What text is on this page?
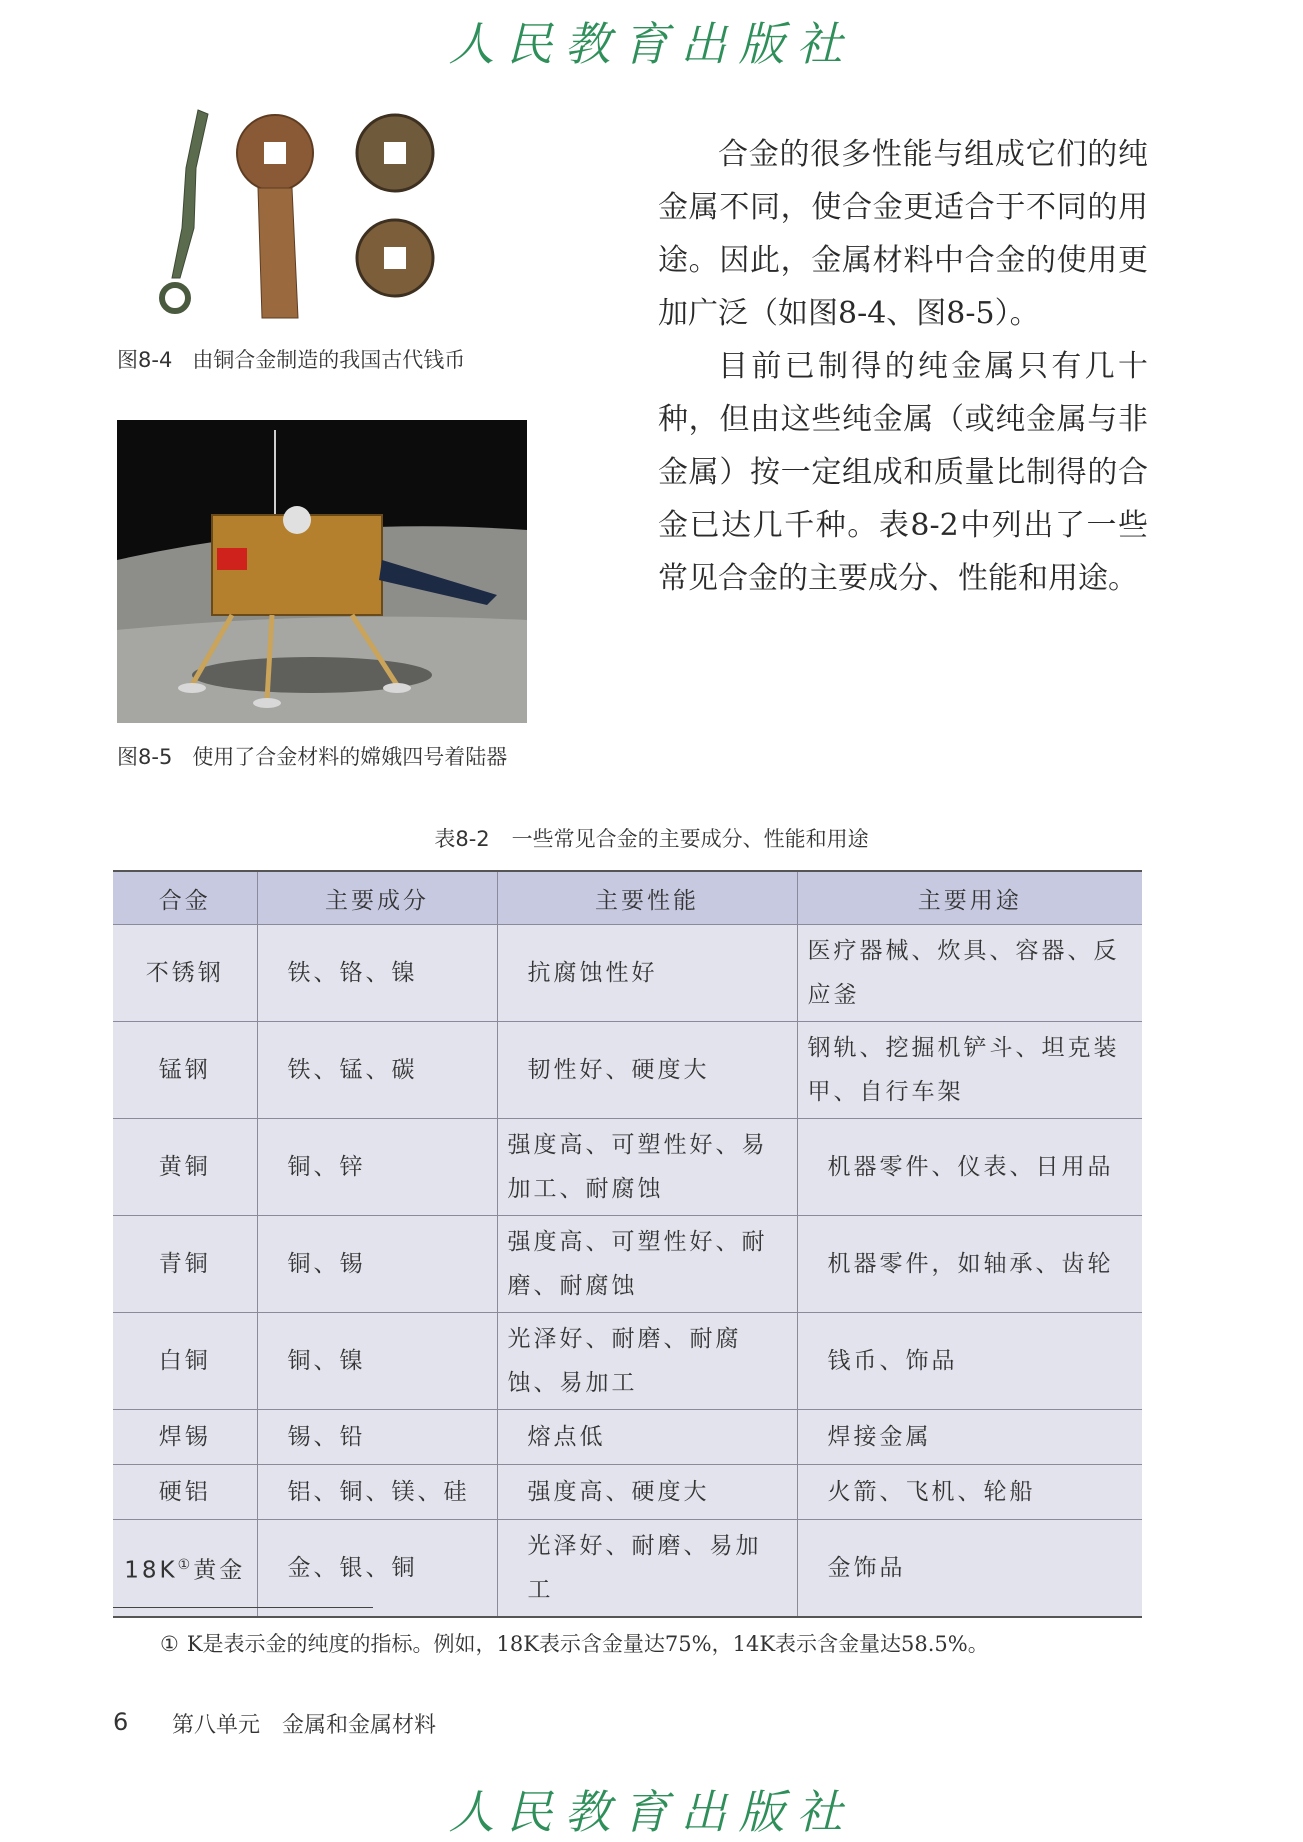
人民教育出版社
图8-4 由铜合金制造的我国古代钱币
图8-5 使用了合金材料的嫦娥四号着陆器

合金的很多性能与组成它们的纯金属不同，使合金更适合于不同的用途。因此，金属材料中合金的使用更加广泛（如图8-4、图8-5）。

目前已制得的纯金属只有几十种，但由这些纯金属（或纯金属与非金属）按一定组成和质量比制得的合金已达几千种。表8-2中列出了一些常见合金的主要成分、性能和用途。

表8-2 一些常见合金的主要成分、性能和用途
合金	主要成分	主要性能	主要用途
不锈钢	铁、铬、镍	抗腐蚀性好	医疗器械、炊具、容器、反应釜
锰钢	铁、锰、碳	韧性好、硬度大	钢轨、挖掘机铲斗、坦克装甲、自行车架
黄铜	铜、锌	强度高、可塑性好、易加工、耐腐蚀	机器零件、仪表、日用品
青铜	铜、锡	强度高、可塑性好、耐磨、耐腐蚀	机器零件，如轴承、齿轮
白铜	铜、镍	光泽好、耐磨、耐腐蚀、易加工	钱币、饰品
焊锡	锡、铅	熔点低	焊接金属
硬铝	铝、铜、镁、硅	强度高、硬度大	火箭、飞机、轮船
18K①黄金	金、银、铜	光泽好、耐磨、易加工	金饰品
① K是表示金的纯度的指标。例如，18K表示含金量达75%，14K表示含金量达58.5%。
6 第八单元 金属和金属材料
人民教育出版社
